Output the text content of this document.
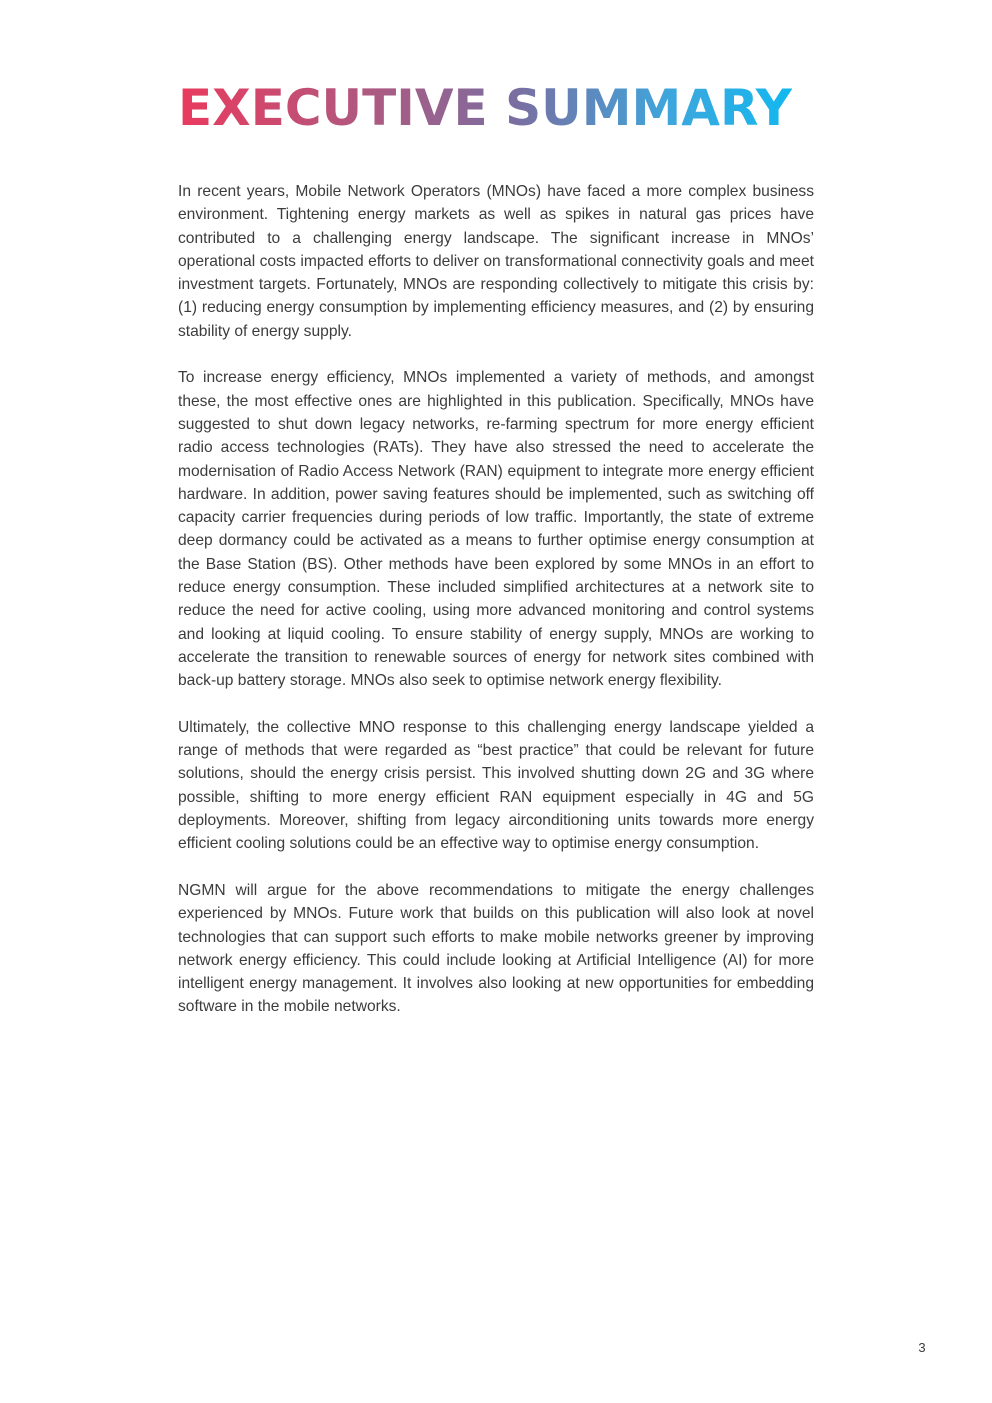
EXECUTIVE SUMMARY

In recent years, Mobile Network Operators (MNOs) have faced a more complex business environment. Tightening energy markets as well as spikes in natural gas prices have contributed to a challenging energy landscape. The significant increase in MNOs’ operational costs impacted efforts to deliver on transformational connectivity goals and meet investment targets. Fortunately, MNOs are responding collectively to mitigate this crisis by: (1) reducing energy consumption by implementing efficiency measures, and (2) by ensuring stability of energy supply.

To increase energy efficiency, MNOs implemented a variety of methods, and amongst these, the most effective ones are highlighted in this publication. Specifically, MNOs have suggested to shut down legacy networks, re-farming spectrum for more energy efficient radio access technologies (RATs). They have also stressed the need to accelerate the modernisation of Radio Access Network (RAN) equipment to integrate more energy efficient hardware. In addition, power saving features should be implemented, such as switching off capacity carrier frequencies during periods of low traffic. Importantly, the state of extreme deep dormancy could be activated as a means to further optimise energy consumption at the Base Station (BS). Other methods have been explored by some MNOs in an effort to reduce energy consumption. These included simplified architectures at a network site to reduce the need for active cooling, using more advanced monitoring and control systems and looking at liquid cooling. To ensure stability of energy supply, MNOs are working to accelerate the transition to renewable sources of energy for network sites combined with back-up battery storage. MNOs also seek to optimise network energy flexibility.

Ultimately, the collective MNO response to this challenging energy landscape yielded a range of methods that were regarded as “best practice” that could be relevant for future solutions, should the energy crisis persist. This involved shutting down 2G and 3G where possible, shifting to more energy efficient RAN equipment especially in 4G and 5G deployments. Moreover, shifting from legacy airconditioning units towards more energy efficient cooling solutions could be an effective way to optimise energy consumption.

NGMN will argue for the above recommendations to mitigate the energy challenges experienced by MNOs. Future work that builds on this publication will also look at novel technologies that can support such efforts to make mobile networks greener by improving network energy efficiency. This could include looking at Artificial Intelligence (AI) for more intelligent energy management. It involves also looking at new opportunities for embedding software in the mobile networks.

3
